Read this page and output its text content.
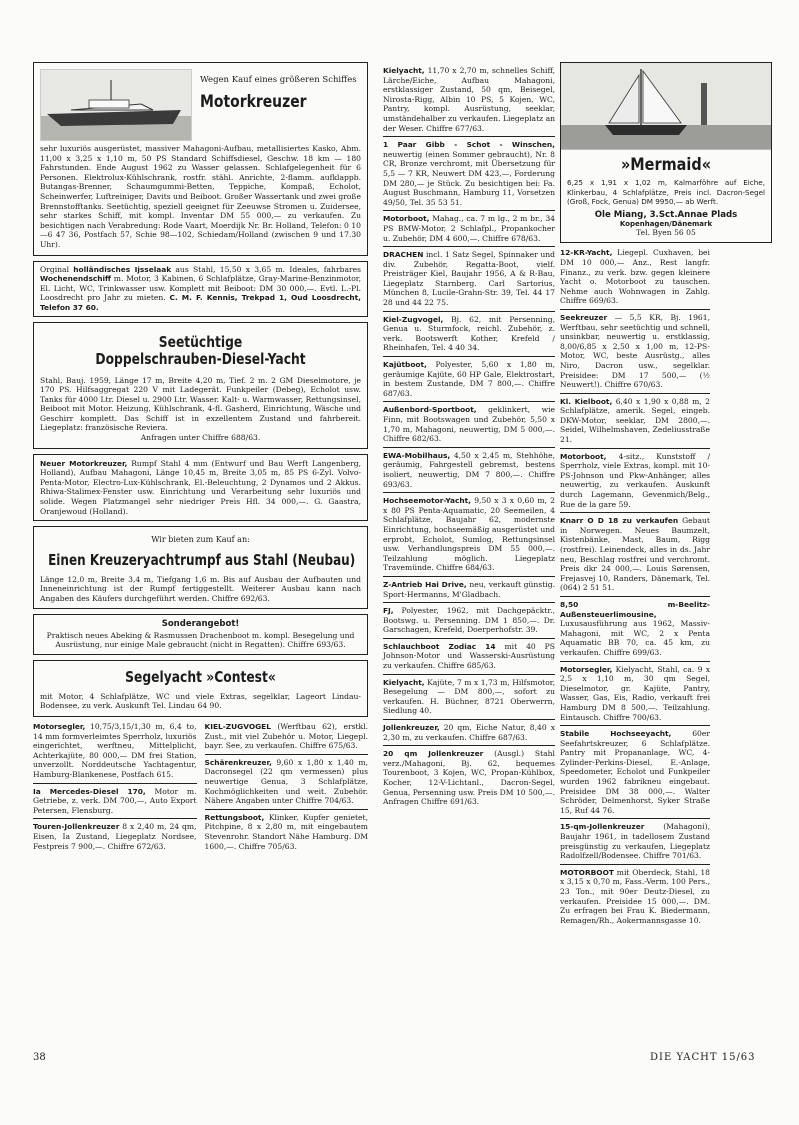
Wegen Kauf eines größeren Schiffes

Motorkreuzer

sehr luxuriös ausgerüstet, massiver Mahagoni-Aufbau, metallisiertes Kasko, Abm. 11,00 x 3,25 x 1,10 m, 50 PS Standard Schiffsdiesel, Geschw. 18 km — 180 Fahrstunden. Ende August 1962 zu Wasser gelassen. Schlafgelegenheit für 6 Personen. Elektrolux-Kühlschrank, rostfr. stähl. Anrichte, 2-flamm. aufklappb. Butangas-Brenner, Schaumgummi-Betten, Teppiche, Kompaß, Echolot, Scheinwerfer, Luftreiniger, Davits und Beiboot. Großer Wassertank und zwei große Brennstofftanks. Seetüchtig, speziell geeignet für Zeeuwse Stromen u. Zuidersee, sehr starkes Schiff, mit kompl. Inventar DM 55 000,— zu verkaufen. Zu besichtigen nach Verabredung: Rode Vaart, Moerdijk Nr. Br. Holland, Telefon: 0 10—6 47 36, Postfach 57, Schie 98—102, Schiedam/Holland (zwischen 9 und 17.30 Uhr).

Orginal holländisches Ijsselaak aus Stahl, 15,50 x 3,65 m. Ideales, fahrbares Wochenendschiff m. Motor, 3 Kabinen, 6 Schlafplätze, Gray-Marine-Benzinmotor, El. Licht, WC, Trinkwasser usw. Komplett mit Beiboot: DM 30 000,—. Evtl. L.-Pl. Loosdrecht pro Jahr zu mieten. C. M. F. Kennis, Trekpad 1, Oud Loosdrecht, Telefon 37 60.

Seetüchtige

Doppelschrauben-Diesel-Yacht

Stahl, Bauj. 1959, Länge 17 m, Breite 4,20 m, Tief. 2 m. 2 GM Dieselmotore, je 170 PS. Hilfsaggregat 220 V mit Ladegerät. Funkpeiler (Debeg), Echolot usw. Tanks für 4000 Ltr. Diesel u. 2900 Ltr. Wasser. Kalt- u. Warmwasser, Rettungsinsel, Beiboot mit Motor. Heizung, Kühlschrank, 4-fl. Gasherd, Einrichtung, Wäsche und Geschirr komplett. Das Schiff ist in exzellentem Zustand und fahrbereit. Liegeplatz: französische Reviera.

Anfragen unter Chiffre 688/63.

Neuer Motorkreuzer, Rumpf Stahl 4 mm (Entwurf und Bau Werft Langenberg, Holland), Aufbau Mahagoni, Länge 10,45 m, Breite 3,05 m, 85 PS 6-Zyl. Volvo-Penta-Motor, Electro-Lux-Kühlschrank, El.-Beleuchtung, 2 Dynamos und 2 Akkus. Rhiwa-Stalimex-Fenster usw. Einrichtung und Verarbeitung sehr luxuriös und solide. Wegen Platzmangel sehr niedriger Preis Hfl. 34 000,—. G. Gaastra, Oranjewoud (Holland).

Wir bieten zum Kauf an:

Einen Kreuzeryachtrumpf aus Stahl (Neubau)

Länge 12,0 m, Breite 3,4 m, Tiefgang 1,6 m. Bis auf Ausbau der Aufbauten und Inneneinrichtung ist der Rumpf fertiggestellt. Weiterer Ausbau kann nach Angaben des Käufers durchgeführt werden. Chiffre 692/63.

Sonderangebot!

Praktisch neues Abeking & Rasmussen Drachenboot m. kompl. Besegelung und Ausrüstung, nur einige Male gebraucht (nicht in Regatten). Chiffre 693/63.

Segelyacht »Contest«

mit Motor, 4 Schlafplätze, WC und viele Extras, segelklar, Lageort Lindau-Bodensee, zu verk. Auskunft Tel. Lindau 64 90.

Motorsegler, 10,75/3,15/1,30 m, 6,4 to, 14 mm formverleimtes Sperrholz, luxuriös eingerichtet, werftneu, Mittelplicht, Achterkajüte, 80 000,— DM frei Station, unverzollt. Norddeutsche Yachtagentur, Hamburg-Blankenese, Postfach 615.

Ia Mercedes-Diesel 170, Motor m. Getriebe, z. verk. DM 700,—, Auto Export Petersen, Flensburg.

Touren-Jollenkreuzer 8 x 2,40 m, 24 qm, Eisen, Ia Zustand, Liegeplatz Nordsee, Festpreis 7 900,—. Chiffre 672/63.

KIEL-ZUGVOGEL (Werftbau 62), erstkl. Zust., mit viel Zubehör u. Motor, Liegepl. bayr. See, zu verkaufen. Chiffre 675/63.

Schärenkreuzer, 9,60 x 1,80 x 1,40 m, Dacronsegel (22 qm vermessen) plus neuwertige Genua, 3 Schlafplätze, Kochmöglichkeiten und weit. Zubehör. Nähere Angaben unter Chiffre 704/63.

Rettungsboot, Klinker, Kupfer genietet, Pitchpine, 8 x 2,80 m, mit eingebautem Stevenrohr. Standort Nähe Hamburg. DM 1600,—. Chiffre 705/63.

Kielyacht, 11,70 x 2,70 m, schnelles Schiff, Lärche/Eiche, Aufbau Mahagoni, erstklassiger Zustand, 50 qm, Beisegel, Nirosta-Rigg, Albin 10 PS, 5 Kojen, WC, Pantry, kompl. Ausrüstung, seeklar, umständehalber zu verkaufen. Liegeplatz an der Weser. Chiffre 677/63.

1 Paar Gibb - Schot - Winschen, neuwertig (einen Sommer gebraucht), Nr. 8 CR, Bronze verchromt, mit Übersetzung für 5,5 — 7 KR, Neuwert DM 423,—, Forderung DM 280,— je Stück. Zu besichtigen bei: Fa. August Buschmann, Hamburg 11, Vorsetzen 49/50, Tel. 35 53 51.

Motorboot, Mahag., ca. 7 m lg., 2 m br., 34 PS BMW-Motor, 2 Schlafpl., Propankocher u. Zubehör, DM 4 600,—. Chiffre 678/63.

DRACHEN incl. 1 Satz Segel, Spinnaker und div. Zubehör, Regatta-Boot, vielf. Preisträger Kiel, Baujahr 1956, A & R-Bau, Liegeplatz Starnberg. Carl Sartorius, München 8, Lucile-Grahn-Str. 39, Tel. 44 17 28 und 44 22 75.

Kiel-Zugvogel, Bj. 62, mit Persenning, Genua u. Sturmfock, reichl. Zubehör, z. verk. Bootswerft Kother, Krefeld / Rheinhafen, Tel. 4 40 34.

Kajütboot, Polyester, 5,60 x 1,80 m, geräumige Kajüte, 60 HP Gale, Elektrostart, in bestem Zustande, DM 7 800,—. Chiffre 687/63.

Außenbord-Sportboot, geklinkert, wie Finn, mit Bootswagen und Zubehör, 5,50 x 1,70 m, Mahagoni, neuwertig, DM 5 000,—. Chiffre 682/63.

EWA-Mobilhaus, 4,50 x 2,45 m, Stehhöhe, geräumig, Fahrgestell gebremst, bestens isoliert, neuwertig, DM 7 800,—. Chiffre 693/63.

Hochseemotor-Yacht, 9,50 x 3 x 0,60 m, 2 x 80 PS Penta-Aquamatic, 20 Seemeilen, 4 Schlafplätze, Baujahr 62, modernste Einrichtung, hochseemäßig ausgerüstet und erprobt, Echolot, Sumlog, Rettungsinsel usw. Verhandlungspreis DM 55 000,—. Teilzahlung möglich. Liegeplatz Travemünde. Chiffre 684/63.

Z-Antrieb Hai Drive, neu, verkauft günstig. Sport-Hermanns, M'Gladbach.

FJ, Polyester, 1962, mit Dachgepäcktr., Bootswg. u. Persenning. DM 1 850,—. Dr. Garschagen, Krefeld, Doerperhofstr. 39.

Schlauchboot Zodiac 14 mit 40 PS Johnson-Motor und Wasserski-Ausrüstung zu verkaufen. Chiffre 685/63.

Kielyacht, Kajüte, 7 m x 1,73 m, Hilfsmotor, Besegelung — DM 800,—, sofort zu verkaufen. H. Büchner, 8721 Oberwerrn, Siedlung 40.

Jollenkreuzer, 20 qm, Eiche Natur, 8,40 x 2,30 m, zu verkaufen. Chiffre 687/63.

20 qm Jollenkreuzer (Ausgl.) Stahl verz./Mahagoni, Bj. 62, bequemes Tourenboot, 3 Kojen, WC, Propan-Kühlbox, Kocher, 12-V-Lichtanl., Dacron-Segel, Genua, Persenning usw. Preis DM 10 500,—. Anfragen Chiffre 691/63.

»Mermaid«

6,25 x 1,91 x 1,02 m, Kalmarföhre auf Eiche, Klinkerbau, 4 Schlafplätze, Preis incl. Dacron-Segel (Groß, Fock, Genua) DM 9950,— ab Werft.

Ole Miang, 3.Sct.Annae Plads

Kopenhagen/Dänemark

Tel. Byen 56 05

12-KR-Yacht, Liegepl. Cuxhaven, bei DM 10 000,— Anz., Rest langfr. Finanz., zu verk. bzw. gegen kleinere Yacht o. Motorboot zu tauschen. Nehme auch Wohnwagen in Zahlg. Chiffre 669/63.

Seekreuzer — 5,5 KR, Bj. 1961, Werftbau, sehr seetüchtig und schnell, unsinkbar, neuwertig u. erstklassig, 8,00/6,85 x 2,50 x 1,00 m, 12-PS-Motor, WC, beste Ausrüstg., alles Niro, Dacron usw., segelklar. Preisidee: DM 17 500,— (½ Neuwert!). Chiffre 670/63.

Kl. Kielboot, 6,40 x 1,90 x 0,88 m, 2 Schlafplätze, amerik. Segel, eingeb. DKW-Motor, seeklar, DM 2800,—. Seidel, Wilhelmshaven, Zedeliusstraße 21.

Motorboot, 4-sitz., Kunststoff / Sperrholz, viele Extras, kompl. mit 10-PS-Johnson und Pkw-Anhänger, alles neuwertig, zu verkaufen. Auskunft durch Lagemann, Gevenmich/Belg., Rue de la gare 59.

Knarr O D 18 zu verkaufen Gebaut in Norwegen. Neues Baumzelt, Kistenbänke, Mast, Baum, Rigg (rostfrei). Leinendeck, alles in ds. Jahr neu, Beschlag rostfrei und verchromt. Preis dkr 24 000,—. Louis Sørensen, Frejasvej 10, Randers, Dänemark, Tel. (064) 2 51 51.

8,50 m-Beelitz-Außensteuerlimousine, Luxusausführung aus 1962, Massiv-Mahagoni, mit WC, 2 x Penta Aquamatic BB 70, ca. 45 km, zu verkaufen. Chiffre 699/63.

Motorsegler, Kielyacht, Stahl, ca. 9 x 2,5 x 1,10 m, 30 qm Segel, Dieselmotor, gr. Kajüte, Pantry, Wasser, Gas, Eis, Radio, verkauft frei Hamburg DM 8 500,—. Teilzahlung. Eintausch. Chiffre 700/63.

Stabile Hochseeyacht,	60er Seefahrtskreuzer, 6 Schlafplätze. Pantry mit Propananlage, WC, 4-Zylinder-Perkins-Diesel, E.-Anlage, Speedometer, Echolot und Funkpeiler wurden 1962 fabrikneu eingebaut. Preisidee DM 38 000,—. Walter Schröder, Delmenhorst, Syker Straße 15, Ruf 44 76.

15-qm-Jollenkreuzer (Mahagoni), Baujahr 1961, in tadellosem Zustand preisgünstig zu verkaufen, Liegeplatz Radolfzell/Bodensee. Chiffre 701/63.

MOTORBOOT mit Oberdeck, Stahl, 18 x 3,15 x 0,70 m, Fass.-Verm. 100 Pers., 23 Ton., mit 90er Deutz-Diesel, zu verkaufen. Preisidee 15 000,—. DM. Zu erfragen bei Frau K. Biedermann, Remagen/Rh., Aokermannsgasse 10.

38	DIE YACHT 15/63
